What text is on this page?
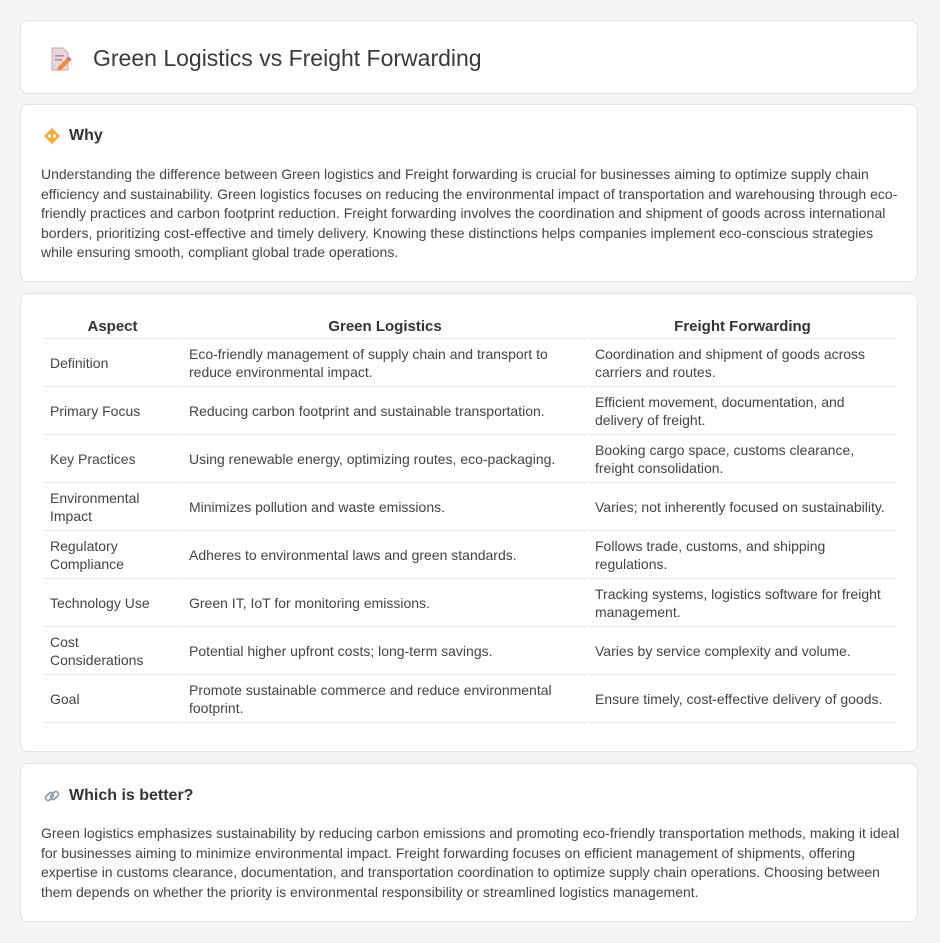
Green Logistics vs Freight Forwarding
Why

Understanding the difference between Green logistics and Freight forwarding is crucial for businesses aiming to optimize supply chain efficiency and sustainability. Green logistics focuses on reducing the environmental impact of transportation and warehousing through eco-friendly practices and carbon footprint reduction. Freight forwarding involves the coordination and shipment of goods across international borders, prioritizing cost-effective and timely delivery. Knowing these distinctions helps companies implement eco-conscious strategies while ensuring smooth, compliant global trade operations.

Aspect	Green Logistics	Freight Forwarding
Definition	Eco-friendly management of supply chain and transport to reduce environmental impact.	Coordination and shipment of goods across carriers and routes.
Primary Focus	Reducing carbon footprint and sustainable transportation.	Efficient movement, documentation, and delivery of freight.
Key Practices	Using renewable energy, optimizing routes, eco-packaging.	Booking cargo space, customs clearance, freight consolidation.
Environmental Impact	Minimizes pollution and waste emissions.	Varies; not inherently focused on sustainability.
Regulatory Compliance	Adheres to environmental laws and green standards.	Follows trade, customs, and shipping regulations.
Technology Use	Green IT, IoT for monitoring emissions.	Tracking systems, logistics software for freight management.
Cost Considerations	Potential higher upfront costs; long-term savings.	Varies by service complexity and volume.
Goal	Promote sustainable commerce and reduce environmental footprint.	Ensure timely, cost-effective delivery of goods.
Which is better?

Green logistics emphasizes sustainability by reducing carbon emissions and promoting eco-friendly transportation methods, making it ideal for businesses aiming to minimize environmental impact. Freight forwarding focuses on efficient management of shipments, offering expertise in customs clearance, documentation, and transportation coordination to optimize supply chain operations. Choosing between them depends on whether the priority is environmental responsibility or streamlined logistics management.
